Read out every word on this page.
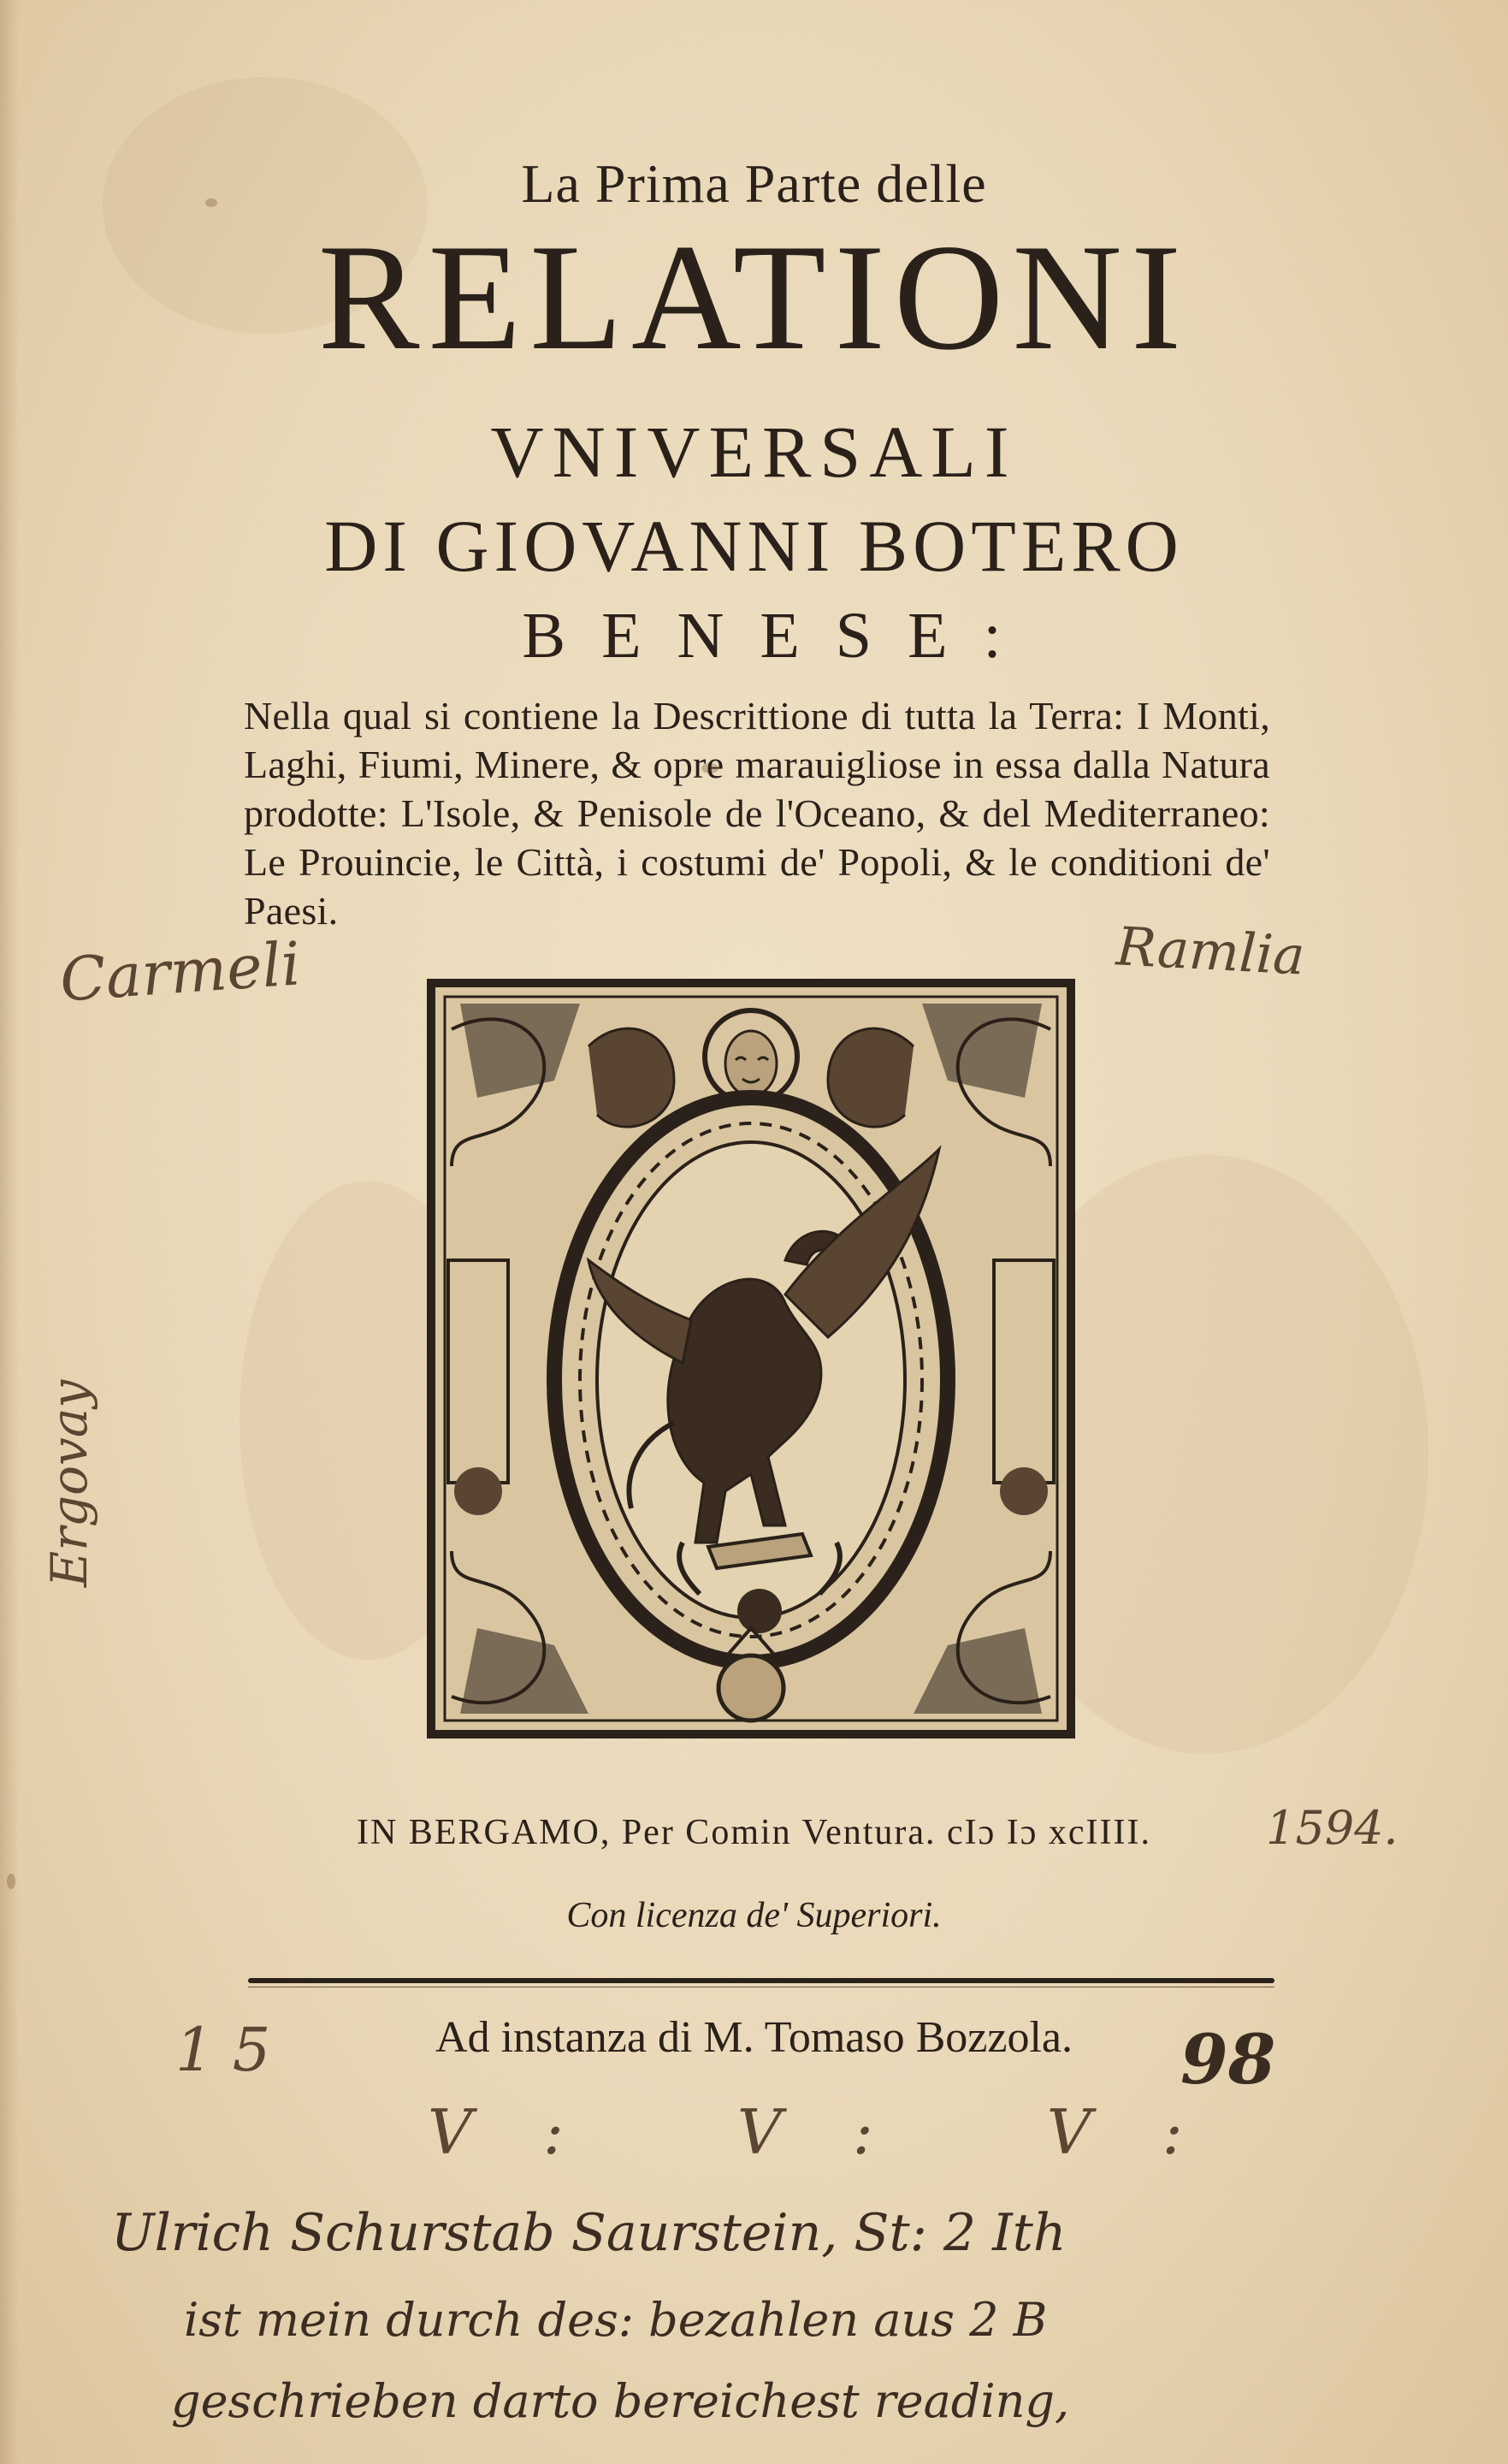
La Prima Parte delle
RELATIONI
VNIVERSALI
DI GIOVANNI BOTERO
BENESE:
Nella qual si contiene la Descrittione di tutta la Terra: I Monti, Laghi, Fiumi, Minere, & opre marauigliose in essa dalla Natura prodotte: L'Isole, & Penisole de l'Oceano, & del Mediterraneo: Le Prouincie, le Città, i costumi de' Popoli, & le conditioni de' Paesi.
Carmeli	Ramlia
Ergovay
IN BERGAMO, Per Comin Ventura. cIɔ Iɔ xcIIII.	1594.
Con licenza de' Superiori.
Ad instanza di M. Tomaso Bozzola.
1 5	98
V: V: V:
Ulrich Schurstab Saurstein, St: 2 Ith
ist mein durch des: bezahlen aus 2 B
geschrieben darto bereichest reading,
